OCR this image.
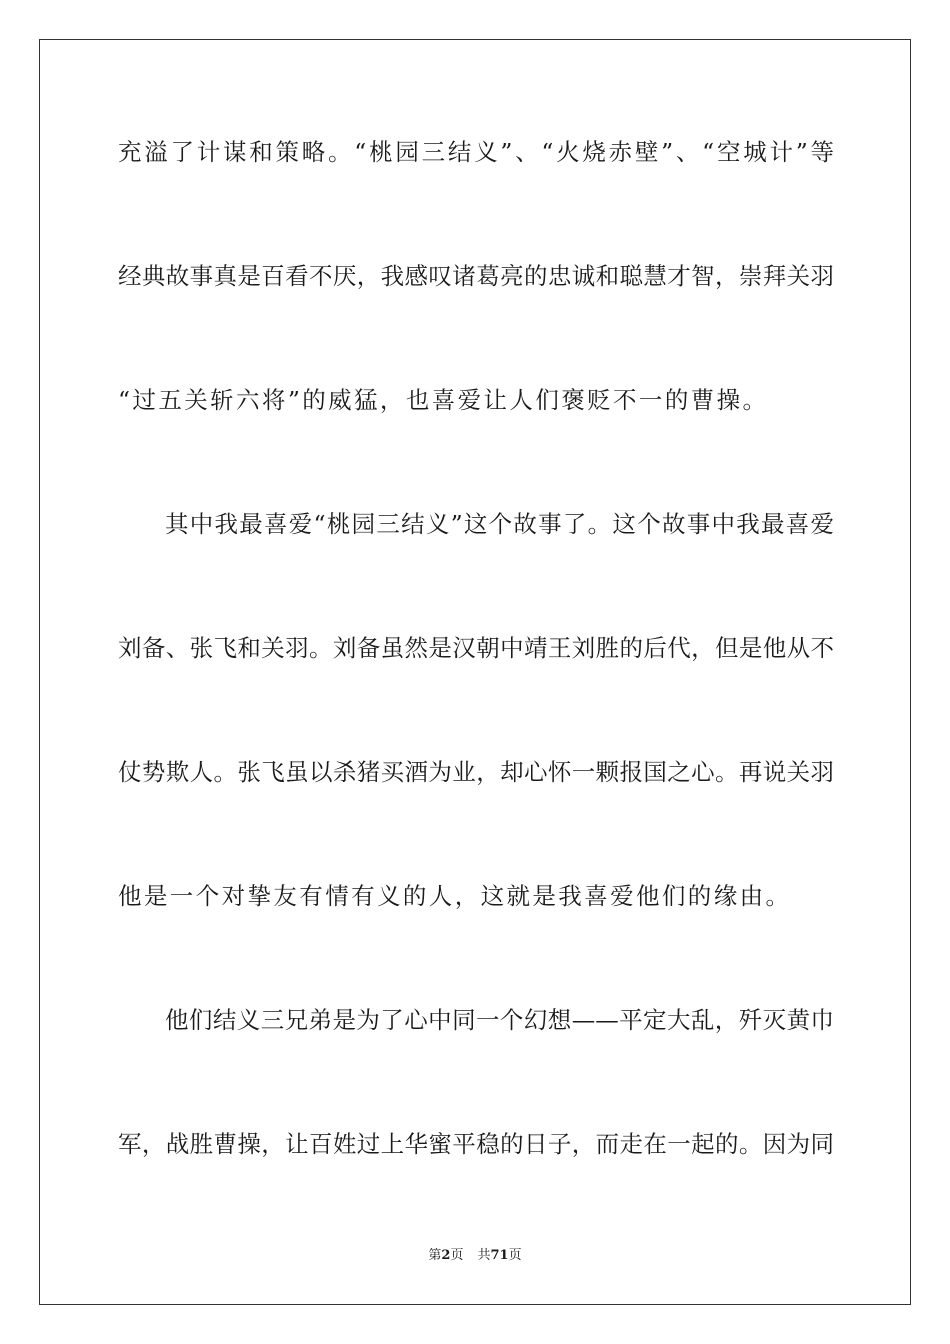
充溢了计谋和策略。“桃园三结义”、“火烧赤壁”、“空城计”等
经典故事真是百看不厌，我感叹诸葛亮的忠诚和聪慧才智，崇拜关羽
“过五关斩六将”的威猛，也喜爱让人们褒贬不一的曹操。
其中我最喜爱“桃园三结义”这个故事了。这个故事中我最喜爱
刘备、张飞和关羽。刘备虽然是汉朝中靖王刘胜的后代，但是他从不
仗势欺人。张飞虽以杀猪买酒为业，却心怀一颗报国之心。再说关羽
他是一个对挚友有情有义的人，这就是我喜爱他们的缘由。
他们结义三兄弟是为了心中同一个幻想——平定大乱，歼灭黄巾
军，战胜曹操，让百姓过上华蜜平稳的日子，而走在一起的。因为同
第2页 共71页
